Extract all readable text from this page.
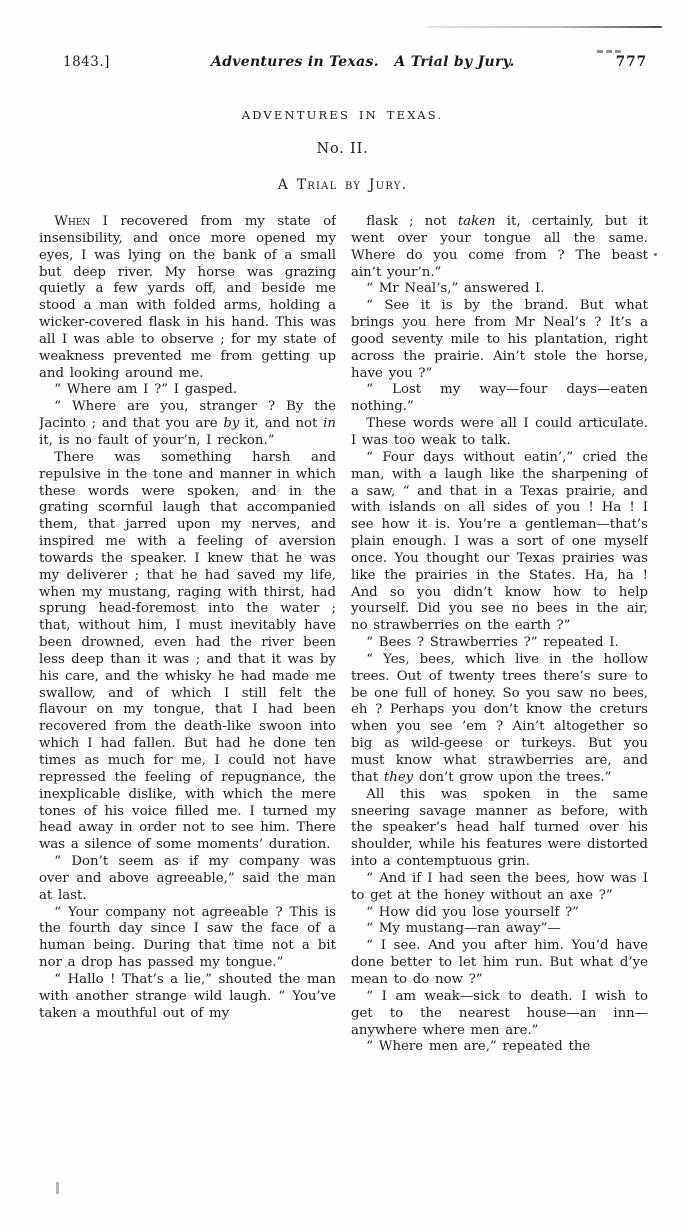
1843.]	Adventures in Texas.   A Trial by Jury.	777
ADVENTURES IN TEXAS.
No. II.
A Trial by Jury.

When I recovered from my state of insensibility, and once more opened my eyes, I was lying on the bank of a small but deep river. My horse was grazing quietly a few yards off, and beside me stood a man with folded arms, holding a wicker-covered flask in his hand. This was all I was able to observe ; for my state of weakness prevented me from getting up and looking around me.

“ Where am I ?” I gasped.

“ Where are you, stranger ? By the Jacinto ; and that you are by it, and not in it, is no fault of your’n, I reckon.”

There was something harsh and repulsive in the tone and manner in which these words were spoken, and in the grating scornful laugh that accompanied them, that jarred upon my nerves, and inspired me with a feeling of aversion towards the speaker. I knew that he was my deliverer ; that he had saved my life, when my mustang, raging with thirst, had sprung head-foremost into the water ; that, without him, I must inevitably have been drowned, even had the river been less deep than it was ; and that it was by his care, and the whisky he had made me swallow, and of which I still felt the flavour on my tongue, that I had been recovered from the death-like swoon into which I had fallen. But had he done ten times as much for me, I could not have repressed the feeling of repugnance, the inexplicable dislike, with which the mere tones of his voice filled me. I turned my head away in order not to see him. There was a silence of some moments’ duration.

“ Don’t seem as if my company was over and above agreeable,” said the man at last.

“ Your company not agreeable ? This is the fourth day since I saw the face of a human being. During that time not a bit nor a drop has passed my tongue.”

“ Hallo ! That’s a lie,” shouted the man with another strange wild laugh. “ You’ve taken a mouthful out of my

flask ; not taken it, certainly, but it went over your tongue all the same. Where do you come from ? The beast ain’t your’n.”

“ Mr Neal’s,” answered I.

“ See it is by the brand. But what brings you here from Mr Neal’s ? It’s a good seventy mile to his plantation, right across the prairie. Ain’t stole the horse, have you ?”

“ Lost my way—four days—eaten nothing.”

These words were all I could articulate. I was too weak to talk.

“ Four days without eatin’,” cried the man, with a laugh like the sharpening of a saw, “ and that in a Texas prairie, and with islands on all sides of you ! Ha ! I see how it is. You’re a gentleman—that’s plain enough. I was a sort of one myself once. You thought our Texas prairies was like the prairies in the States. Ha, ha ! And so you didn’t know how to help yourself. Did you see no bees in the air, no strawberries on the earth ?”

“ Bees ? Strawberries ?” repeated I.

“ Yes, bees, which live in the hollow trees. Out of twenty trees there’s sure to be one full of honey. So you saw no bees, eh ? Perhaps you don’t know the creturs when you see ’em ? Ain’t altogether so big as wild-geese or turkeys. But you must know what strawberries are, and that they don’t grow upon the trees.”

All this was spoken in the same sneering savage manner as before, with the speaker’s head half turned over his shoulder, while his features were distorted into a contemptuous grin.

“ And if I had seen the bees, how was I to get at the honey without an axe ?”

“ How did you lose yourself ?”

“ My mustang—ran away”—

“ I see. And you after him. You’d have done better to let him run. But what d’ye mean to do now ?”

“ I am weak—sick to death. I wish to get to the nearest house—an inn—anywhere where men are.”

“ Where men are,” repeated the
